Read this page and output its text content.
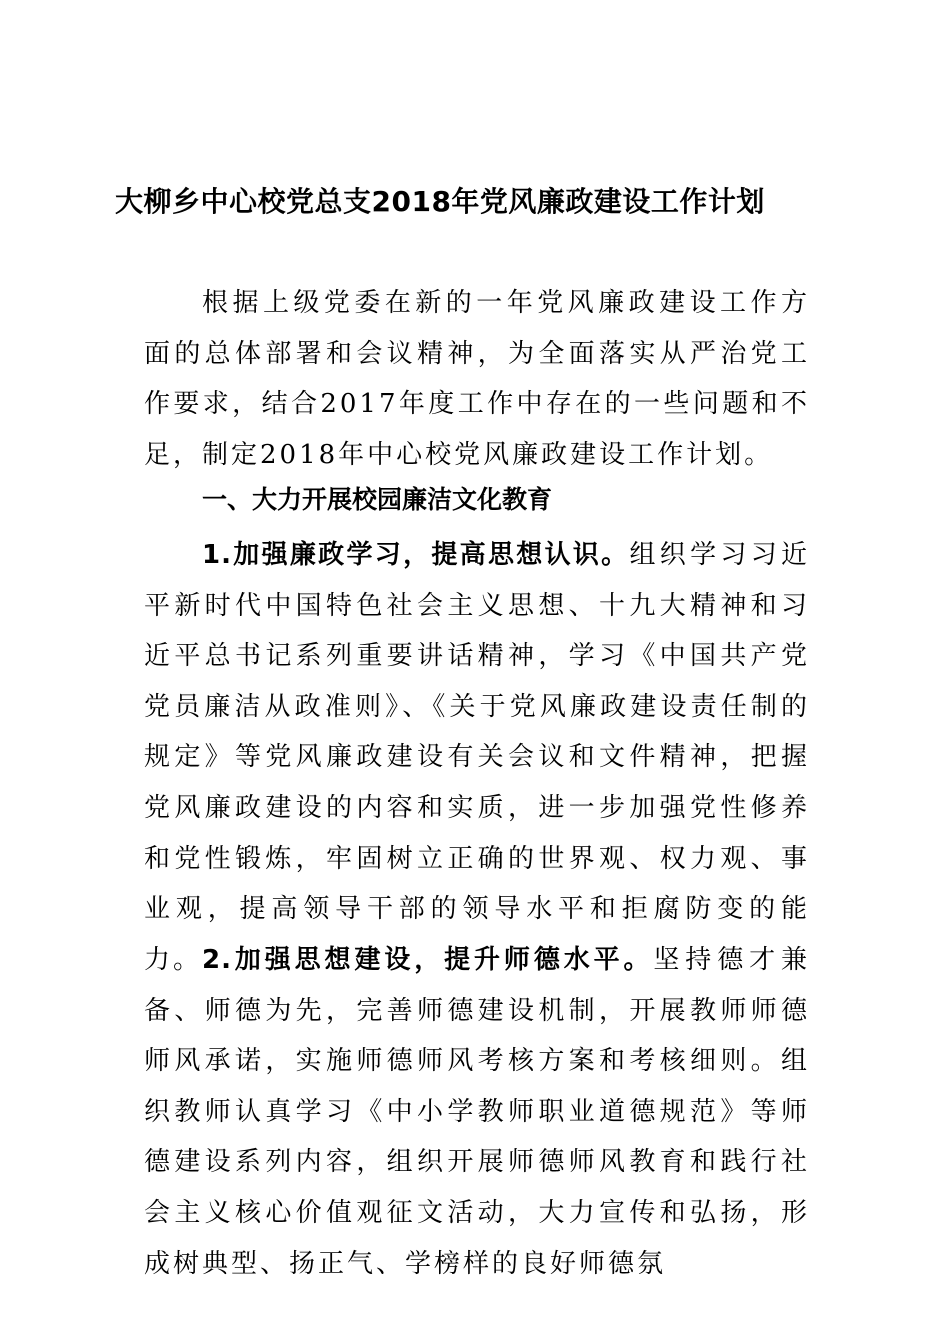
大柳乡中心校党总支2018年党风廉政建设工作计划

根据上级党委在新的一年党风廉政建设工作方面的总体部署和会议精神，为全面落实从严治党工作要求，结合2017年度工作中存在的一些问题和不足，制定2018年中心校党风廉政建设工作计划。

一、大力开展校园廉洁文化教育

1.加强廉政学习，提高思想认识。组织学习习近平新时代中国特色社会主义思想、十九大精神和习近平总书记系列重要讲话精神，学习《中国共产党党员廉洁从政准则》、《关于党风廉政建设责任制的规定》等党风廉政建设有关会议和文件精神，把握党风廉政建设的内容和实质，进一步加强党性修养和党性锻炼，牢固树立正确的世界观、权力观、事业观，提高领导干部的领导水平和拒腐防变的能力。 2.加强思想建设，提升师德水平。坚持德才兼备、师德为先，完善师德建设机制，开展教师师德师风承诺，实施师德师风考核方案和考核细则。组织教师认真学习《中小学教师职业道德规范》等师德建设系列内容，组织开展师德师风教育和践行社会主义核心价值观征文活动，大力宣传和弘扬，形成树典型、扬正气、学榜样的良好师德氛
